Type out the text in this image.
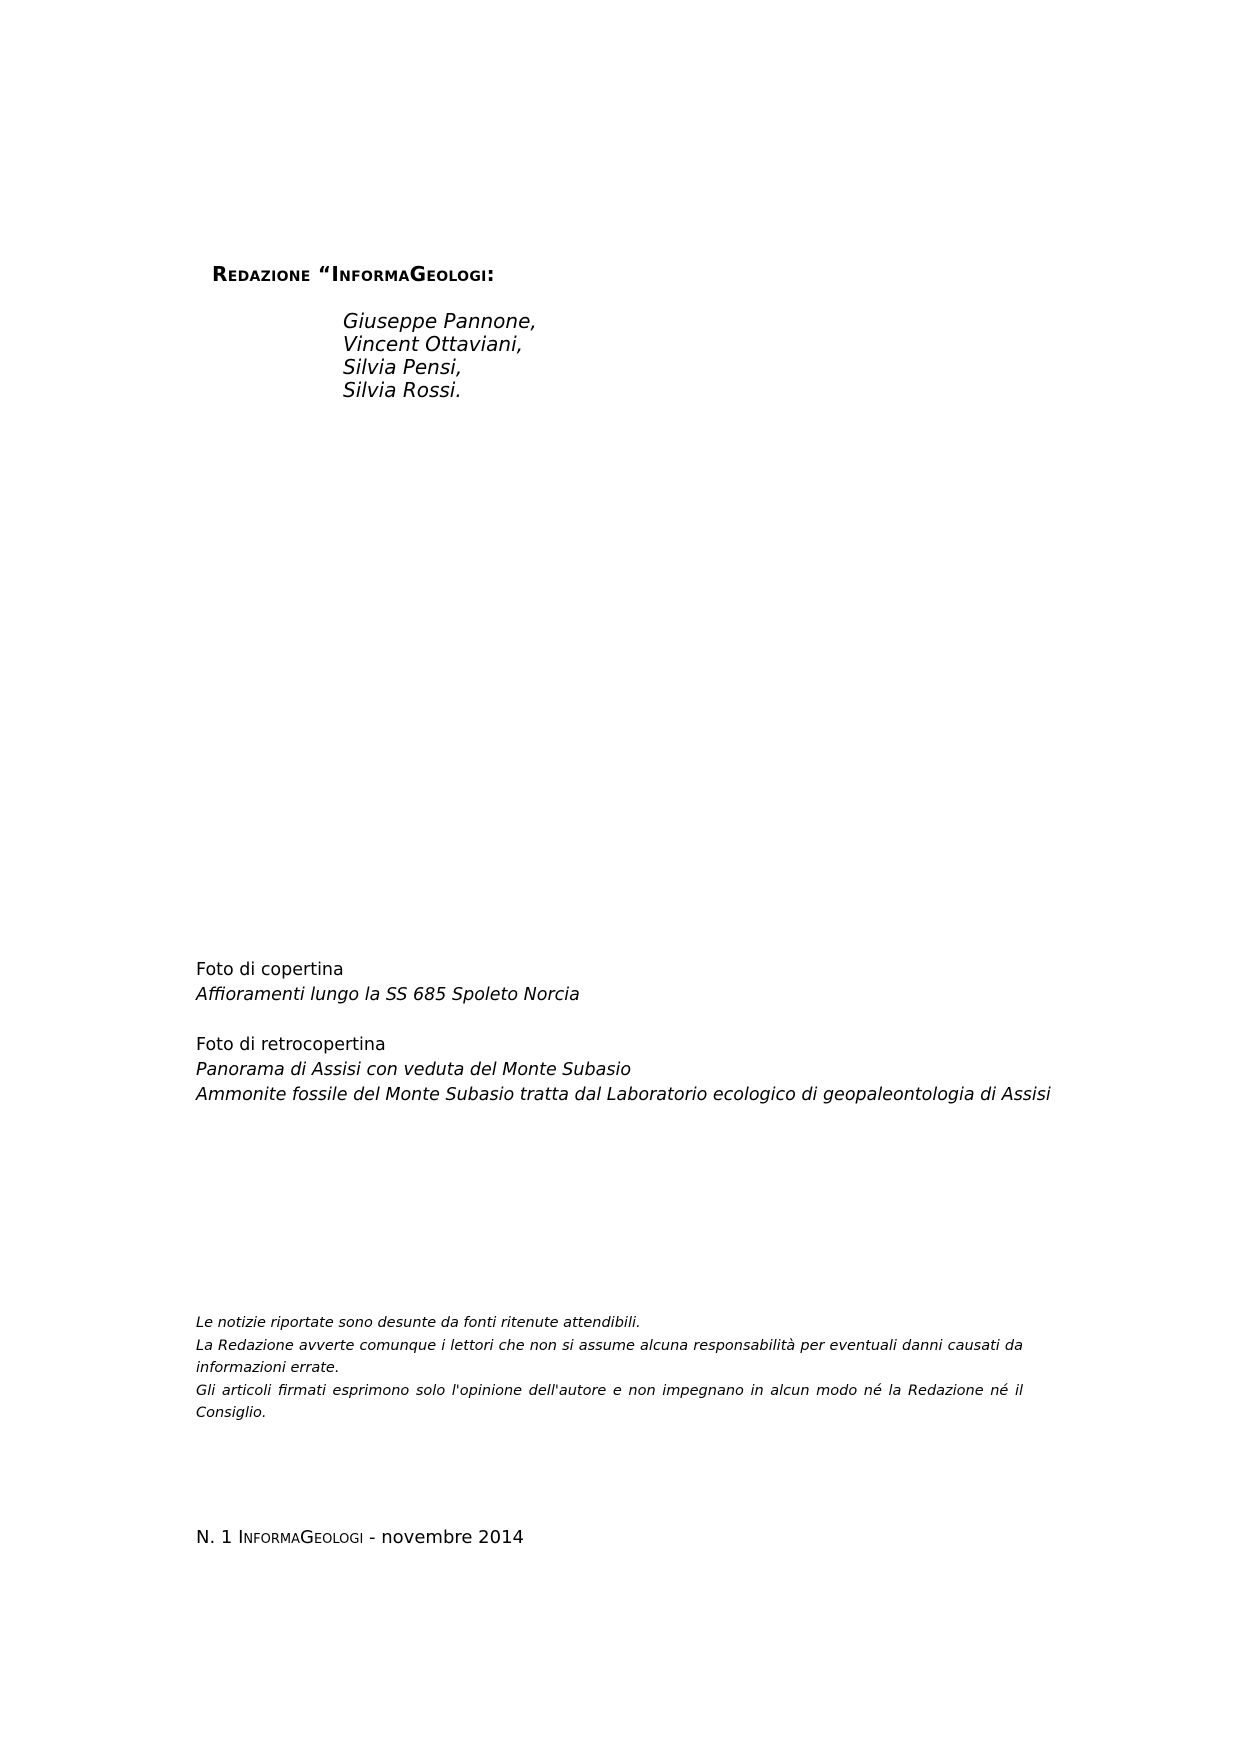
Redazione “InformaGeologi:
Giuseppe Pannone,
Vincent Ottaviani,
Silvia Pensi,
Silvia Rossi.
Foto di copertina
Affioramenti lungo la SS 685 Spoleto Norcia
Foto di retrocopertina
Panorama di Assisi con veduta del Monte Subasio
Ammonite fossile del Monte Subasio tratta dal Laboratorio ecologico di geopaleontologia di Assisi

Le notizie riportate sono desunte da fonti ritenute attendibili.

La Redazione avverte comunque i lettori che non si assume alcuna responsabilità per eventuali danni causati da informazioni errate.

Gli articoli firmati esprimono solo l'opinione dell'autore e non impegnano in alcun modo né la Redazione né il Consiglio.

N. 1 InformaGeologi - novembre 2014
